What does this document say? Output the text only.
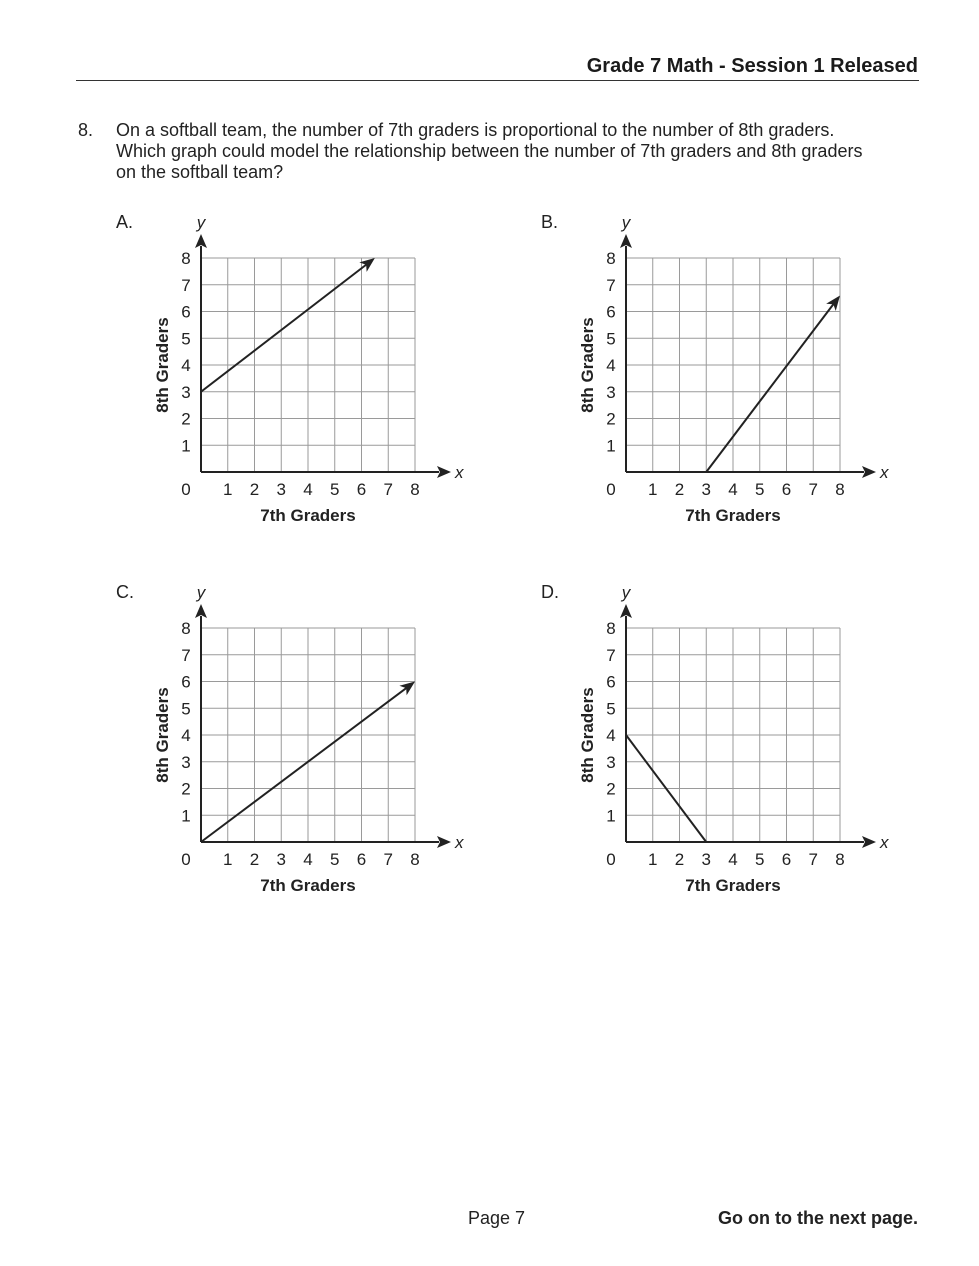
Grade 7 Math - Session 1 Released
8. On a softball team, the number of 7th graders is proportional to the number of 8th graders.
Which graph could model the relationship between the number of 7th graders and 8th graders
on the softball team?
A.
x
y
0 1 2 3 4 5 6 7 8
1
2
3
4
5
6
7
8
7th Graders
8th Graders
B.
x
y
0 1 2 3 4 5 6 7 8
1
2
3
4
5
6
7
8
7th Graders
8th Graders
C.
x
y
0 1 2 3 4 5 6 7 8
1
2
3
4
5
6
7
8
7th Graders
8th Graders
D.
x
y
0 1 2 3 4 5 6 7 8
1
2
3
4
5
6
7
8
7th Graders
8th Graders
Page 7	Go on to the next page.
